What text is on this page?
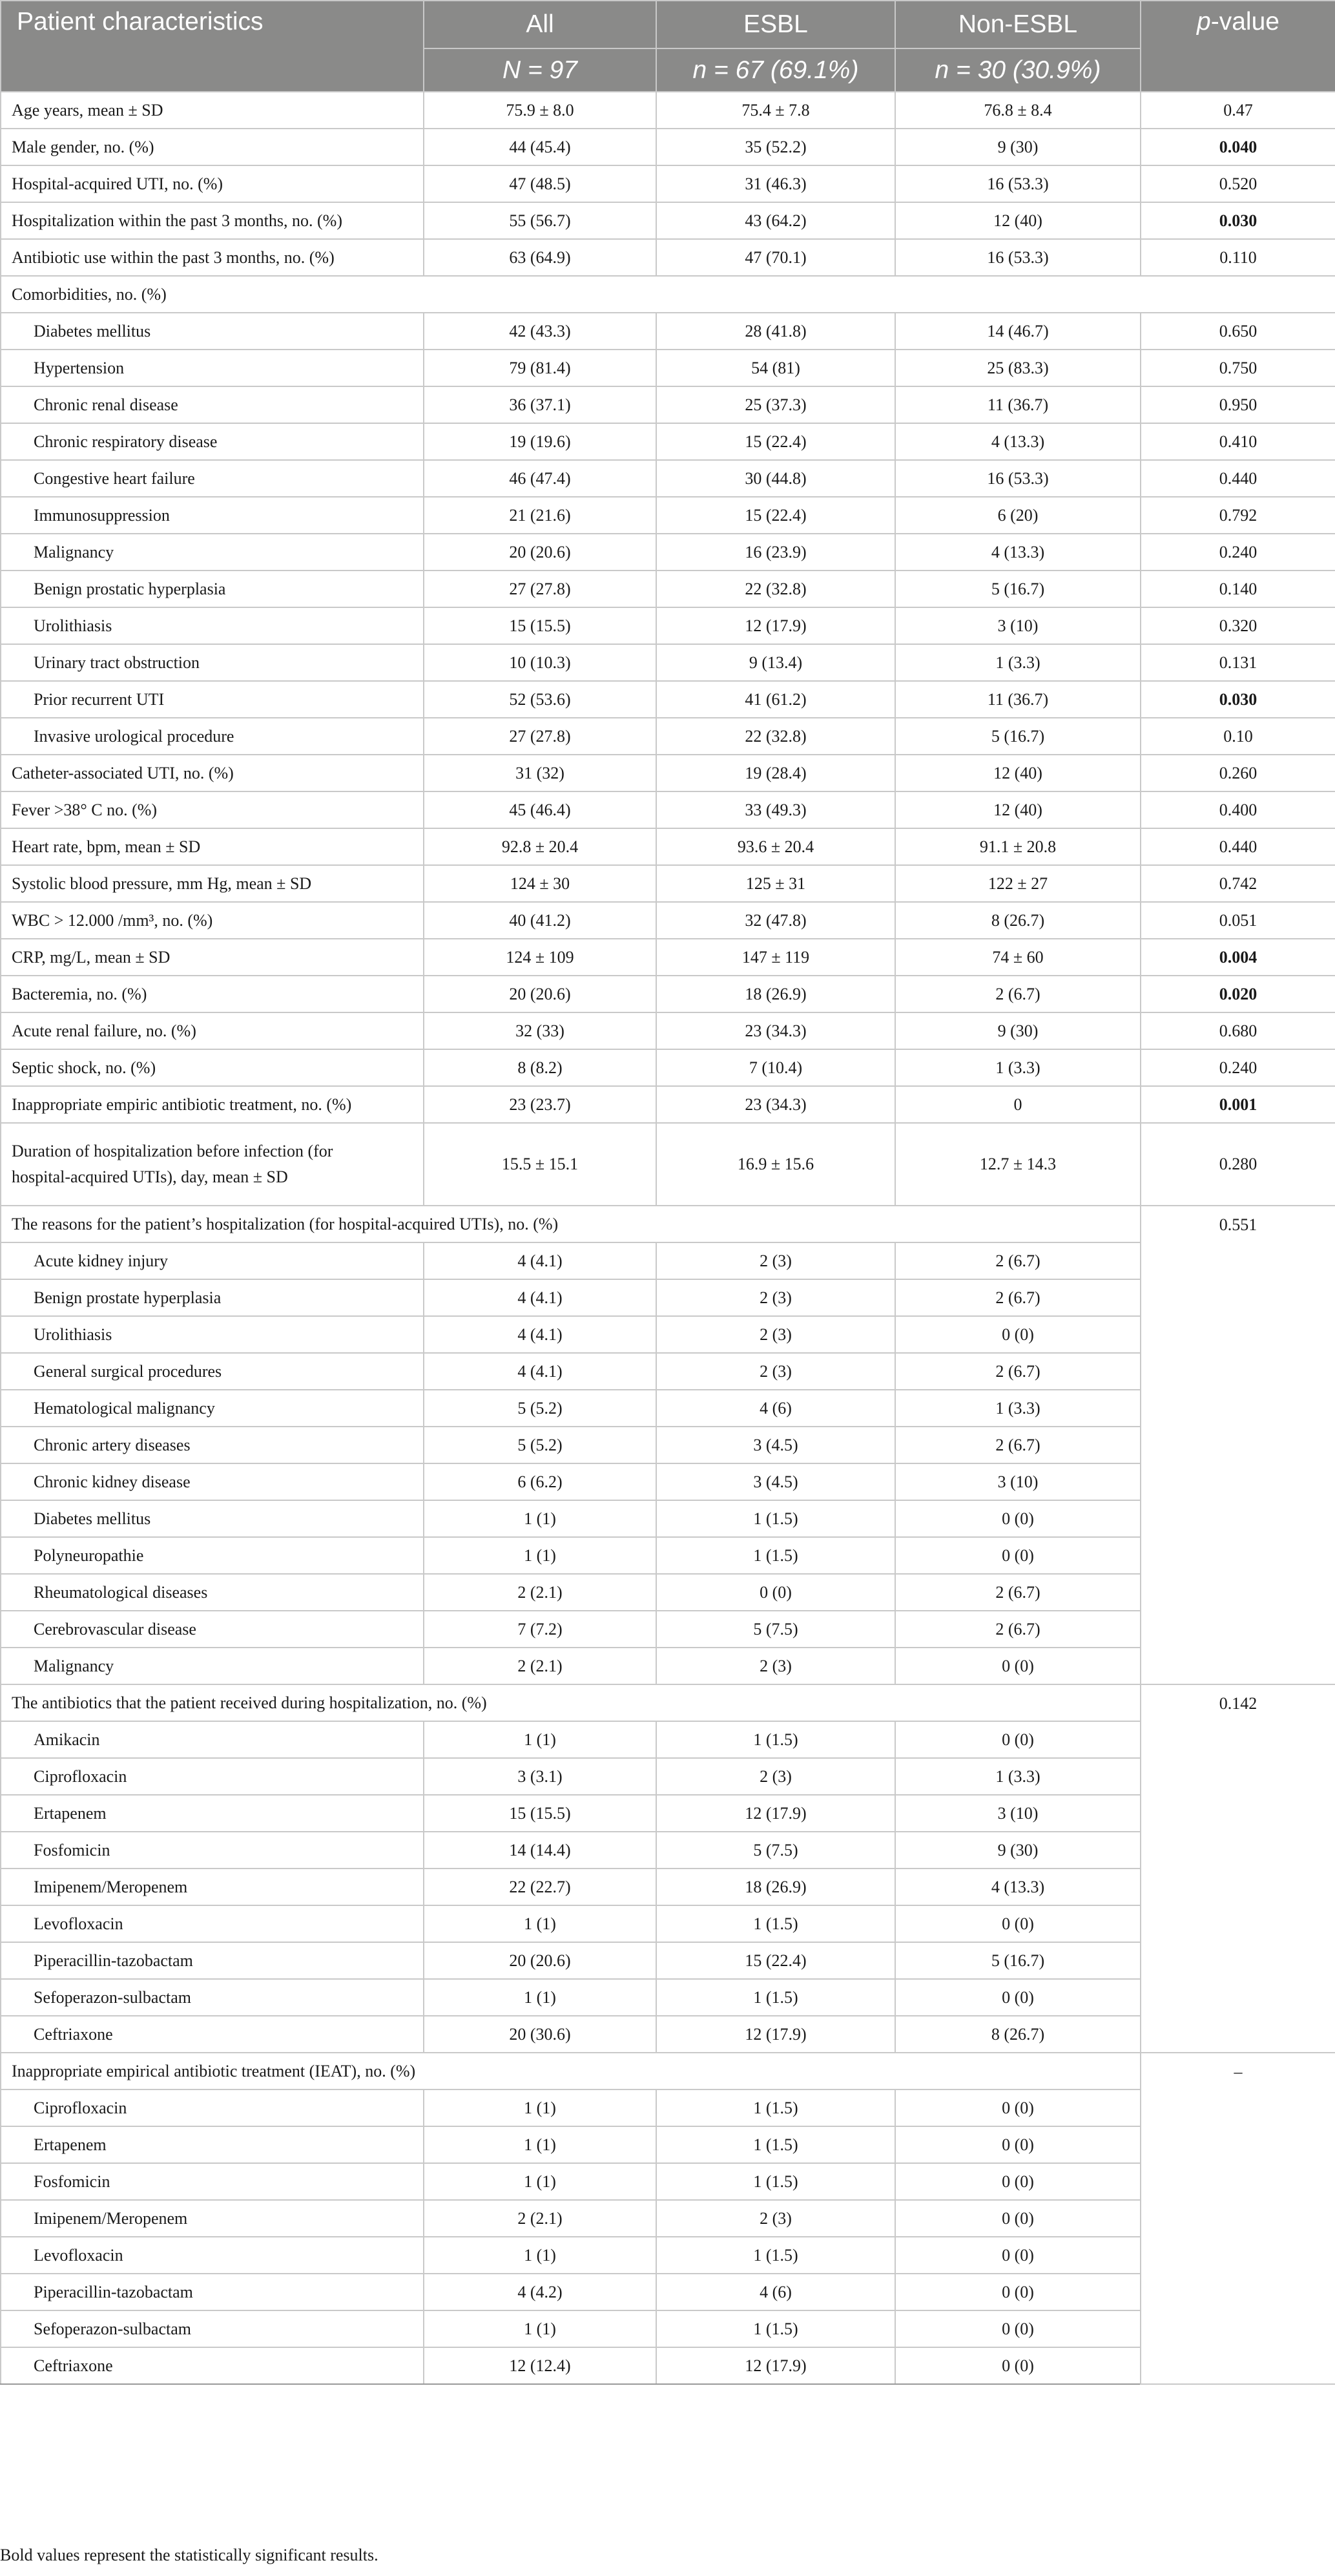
Patient characteristics	All	ESBL	Non-ESBL	p-value
	N = 97	n = 67 (69.1%)	n = 30 (30.9%)	
Age years, mean ± SD	75.9 ± 8.0	75.4 ± 7.8	76.8 ± 8.4	0.47
Male gender, no. (%)	44 (45.4)	35 (52.2)	9 (30)	0.040
Hospital-acquired UTI, no. (%)	47 (48.5)	31 (46.3)	16 (53.3)	0.520
Hospitalization within the past 3 months, no. (%)	55 (56.7)	43 (64.2)	12 (40)	0.030
Antibiotic use within the past 3 months, no. (%)	63 (64.9)	47 (70.1)	16 (53.3)	0.110
Comorbidities, no. (%)				
Diabetes mellitus	42 (43.3)	28 (41.8)	14 (46.7)	0.650
Hypertension	79 (81.4)	54 (81)	25 (83.3)	0.750
Chronic renal disease	36 (37.1)	25 (37.3)	11 (36.7)	0.950
Chronic respiratory disease	19 (19.6)	15 (22.4)	4 (13.3)	0.410
Congestive heart failure	46 (47.4)	30 (44.8)	16 (53.3)	0.440
Immunosuppression	21 (21.6)	15 (22.4)	6 (20)	0.792
Malignancy	20 (20.6)	16 (23.9)	4 (13.3)	0.240
Benign prostatic hyperplasia	27 (27.8)	22 (32.8)	5 (16.7)	0.140
Urolithiasis	15 (15.5)	12 (17.9)	3 (10)	0.320
Urinary tract obstruction	10 (10.3)	9 (13.4)	1 (3.3)	0.131
Prior recurrent UTI	52 (53.6)	41 (61.2)	11 (36.7)	0.030
Invasive urological procedure	27 (27.8)	22 (32.8)	5 (16.7)	0.10
Catheter-associated UTI, no. (%)	31 (32)	19 (28.4)	12 (40)	0.260
Fever >38° C no. (%)	45 (46.4)	33 (49.3)	12 (40)	0.400
Heart rate, bpm, mean ± SD	92.8 ± 20.4	93.6 ± 20.4	91.1 ± 20.8	0.440
Systolic blood pressure, mm Hg, mean ± SD	124 ± 30	125 ± 31	122 ± 27	0.742
WBC > 12.000 /mm³, no. (%)	40 (41.2)	32 (47.8)	8 (26.7)	0.051
CRP, mg/L, mean ± SD	124 ± 109	147 ± 119	74 ± 60	0.004
Bacteremia, no. (%)	20 (20.6)	18 (26.9)	2 (6.7)	0.020
Acute renal failure, no. (%)	32 (33)	23 (34.3)	9 (30)	0.680
Septic shock, no. (%)	8 (8.2)	7 (10.4)	1 (3.3)	0.240
Inappropriate empiric antibiotic treatment, no. (%)	23 (23.7)	23 (34.3)	0	0.001

Duration of hospitalization before infection (for
hospital-acquired UTIs), day, mean ± SD	15.5 ± 15.1	16.9 ± 15.6	12.7 ± 14.3	0.280
The reasons for the patient’s hospitalization (for hospital-acquired UTIs), no. (%)				0.551
Acute kidney injury	4 (4.1)	2 (3)	2 (6.7)	
Benign prostate hyperplasia	4 (4.1)	2 (3)	2 (6.7)	
Urolithiasis	4 (4.1)	2 (3)	0 (0)	
General surgical procedures	4 (4.1)	2 (3)	2 (6.7)	
Hematological malignancy	5 (5.2)	4 (6)	1 (3.3)	
Chronic artery diseases	5 (5.2)	3 (4.5)	2 (6.7)	
Chronic kidney disease	6 (6.2)	3 (4.5)	3 (10)	
Diabetes mellitus	1 (1)	1 (1.5)	0 (0)	
Polyneuropathie	1 (1)	1 (1.5)	0 (0)	
Rheumatological diseases	2 (2.1)	0 (0)	2 (6.7)	
Cerebrovascular disease	7 (7.2)	5 (7.5)	2 (6.7)	
Malignancy	2 (2.1)	2 (3)	0 (0)	
The antibiotics that the patient received during hospitalization, no. (%)				0.142
Amikacin	1 (1)	1 (1.5)	0 (0)	
Ciprofloxacin	3 (3.1)	2 (3)	1 (3.3)	
Ertapenem	15 (15.5)	12 (17.9)	3 (10)	
Fosfomicin	14 (14.4)	5 (7.5)	9 (30)	
Imipenem/Meropenem	22 (22.7)	18 (26.9)	4 (13.3)	
Levofloxacin	1 (1)	1 (1.5)	0 (0)	
Piperacillin-tazobactam	20 (20.6)	15 (22.4)	5 (16.7)	
Sefoperazon-sulbactam	1 (1)	1 (1.5)	0 (0)	
Ceftriaxone	20 (30.6)	12 (17.9)	8 (26.7)	
Inappropriate empirical antibiotic treatment (IEAT), no. (%)				–
Ciprofloxacin	1 (1)	1 (1.5)	0 (0)	
Ertapenem	1 (1)	1 (1.5)	0 (0)	
Fosfomicin	1 (1)	1 (1.5)	0 (0)	
Imipenem/Meropenem	2 (2.1)	2 (3)	0 (0)	
Levofloxacin	1 (1)	1 (1.5)	0 (0)	
Piperacillin-tazobactam	4 (4.2)	4 (6)	0 (0)	
Sefoperazon-sulbactam	1 (1)	1 (1.5)	0 (0)	
Ceftriaxone	12 (12.4)	12 (17.9)	0 (0)	
Bold values represent the statistically significant results.
